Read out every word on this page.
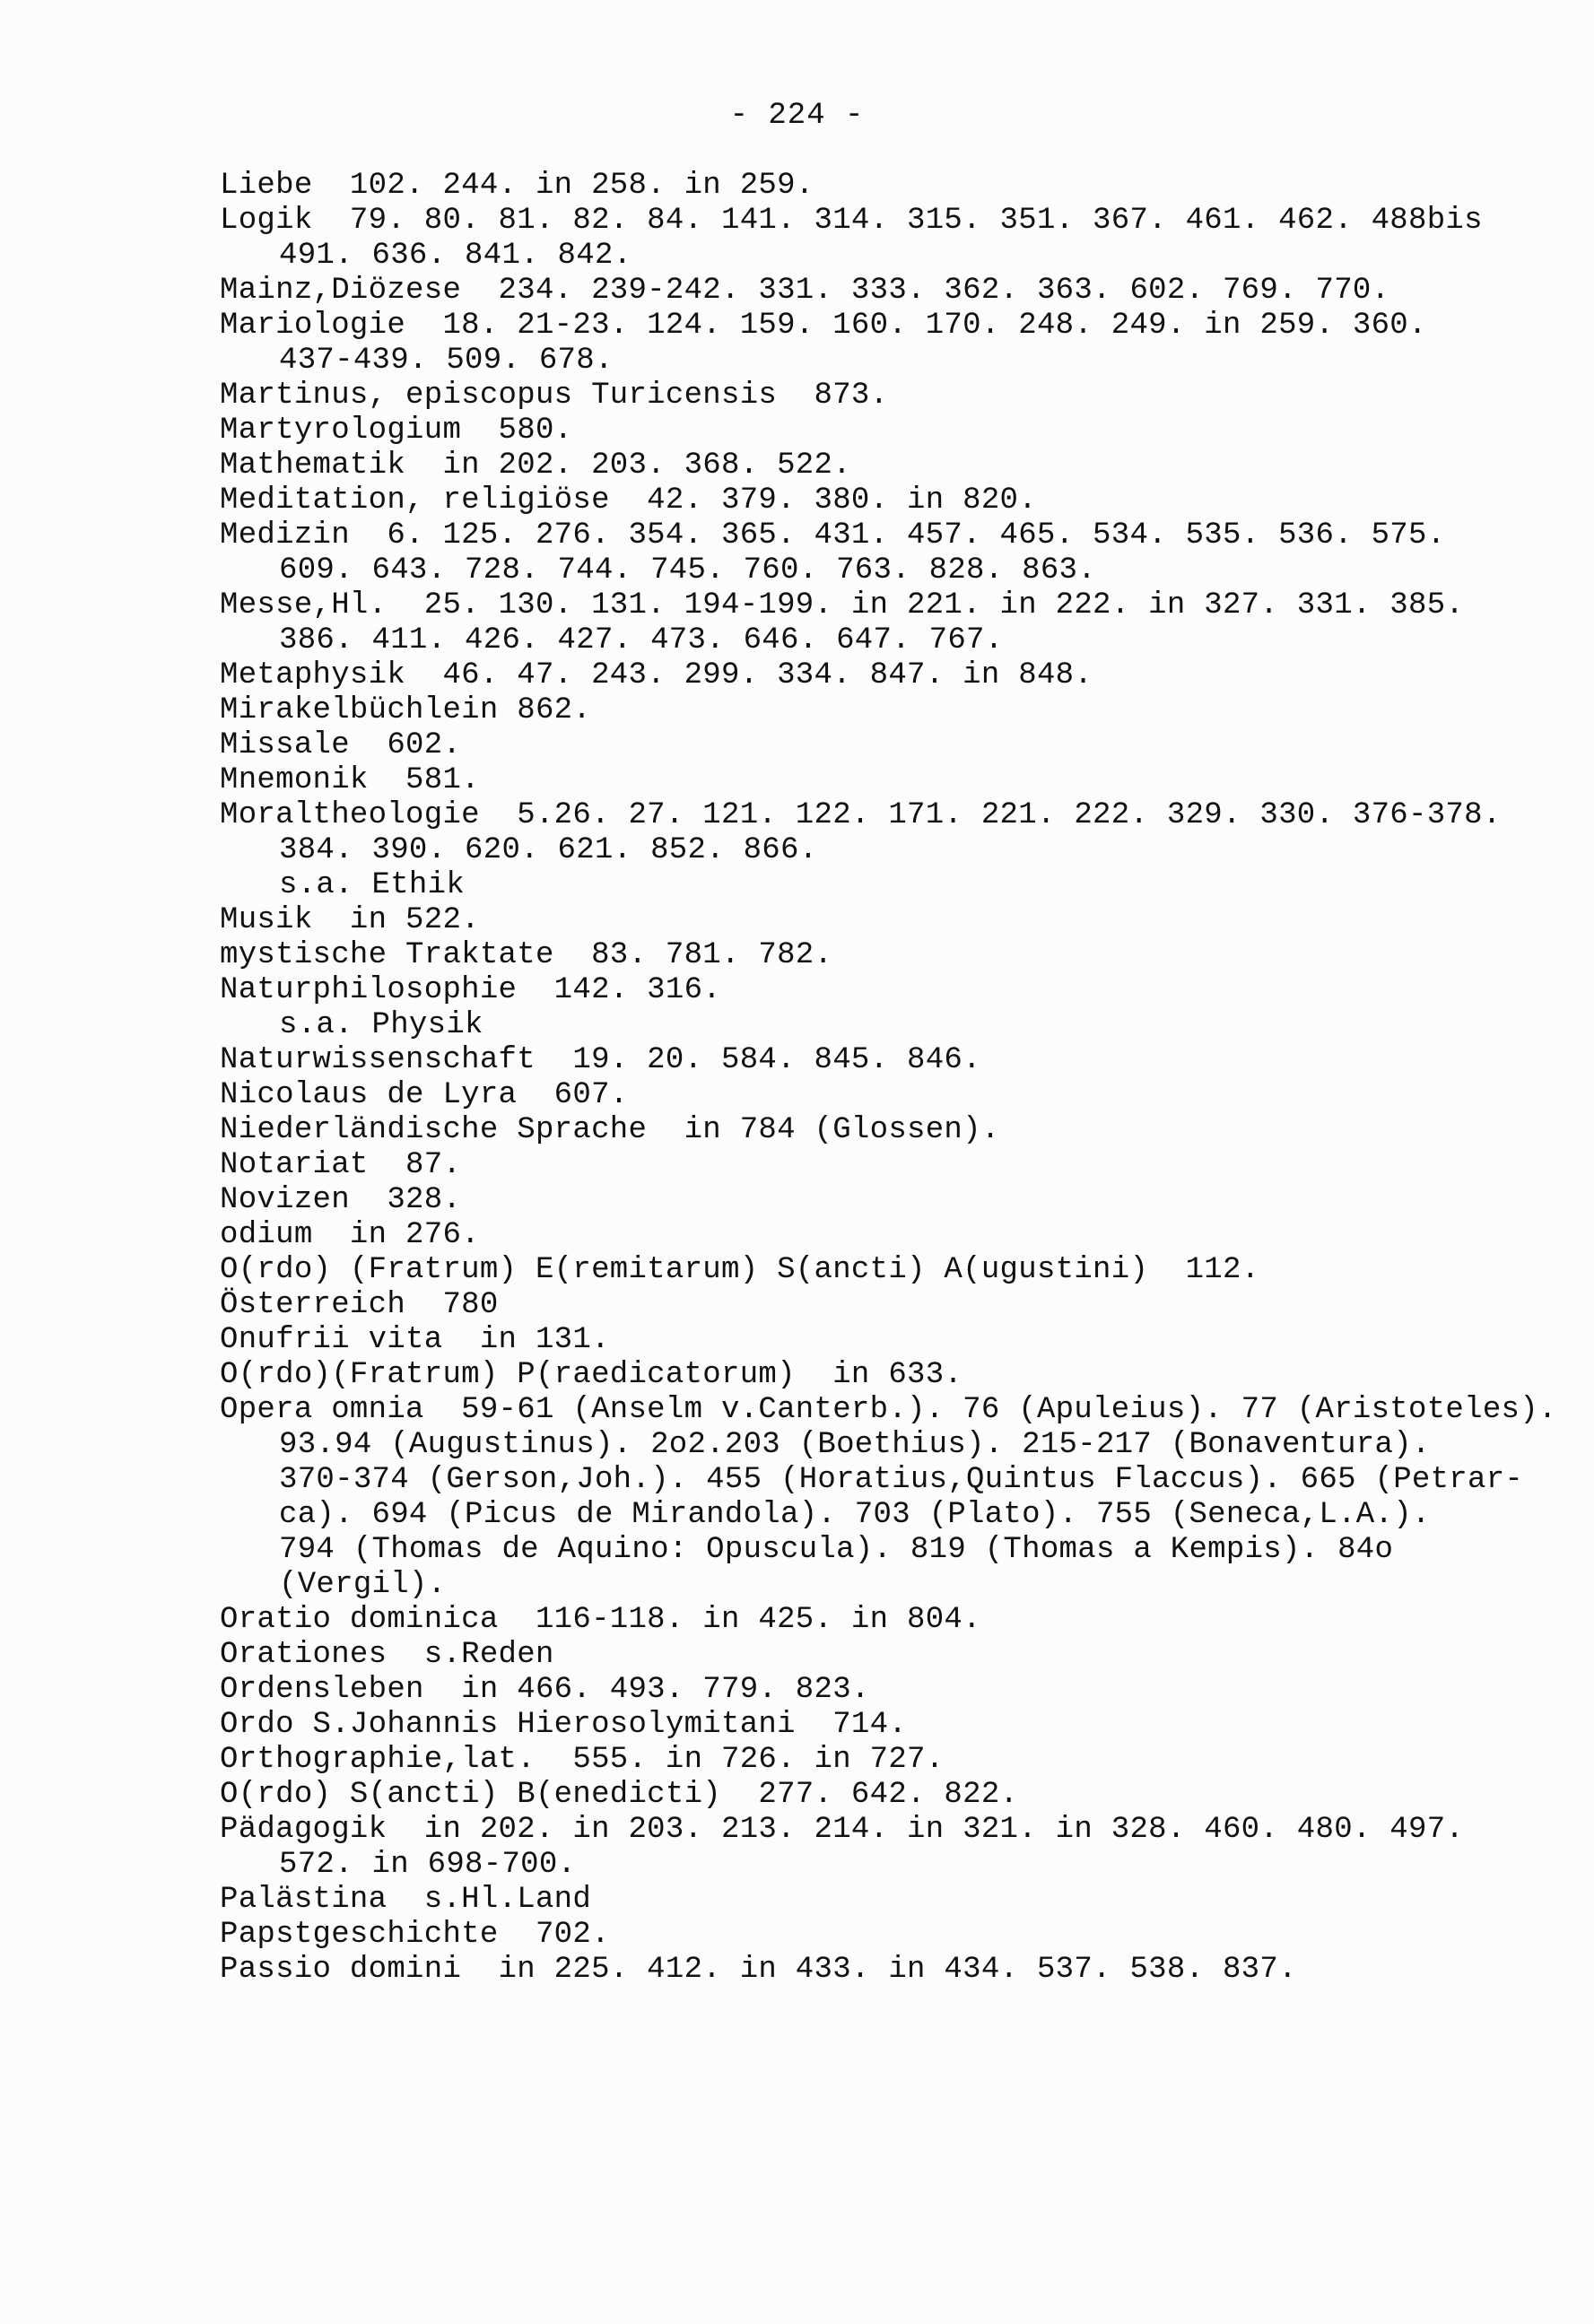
- 224 -
Liebe  102. 244. in 258. in 259.
Logik  79. 80. 81. 82. 84. 141. 314. 315. 351. 367. 461. 462. 488bis
491. 636. 841. 842.
Mainz,Diözese  234. 239-242. 331. 333. 362. 363. 602. 769. 770.
Mariologie  18. 21-23. 124. 159. 160. 170. 248. 249. in 259. 360.
437-439. 509. 678.
Martinus, episcopus Turicensis  873.
Martyrologium  580.
Mathematik  in 202. 203. 368. 522.
Meditation, religiöse  42. 379. 380. in 820.
Medizin  6. 125. 276. 354. 365. 431. 457. 465. 534. 535. 536. 575.
609. 643. 728. 744. 745. 760. 763. 828. 863.
Messe,Hl.  25. 130. 131. 194-199. in 221. in 222. in 327. 331. 385.
386. 411. 426. 427. 473. 646. 647. 767.
Metaphysik  46. 47. 243. 299. 334. 847. in 848.
Mirakelbüchlein 862.
Missale  602.
Mnemonik  581.
Moraltheologie  5.26. 27. 121. 122. 171. 221. 222. 329. 330. 376-378.
384. 390. 620. 621. 852. 866.
s.a. Ethik
Musik  in 522.
mystische Traktate  83. 781. 782.
Naturphilosophie  142. 316.
s.a. Physik
Naturwissenschaft  19. 20. 584. 845. 846.
Nicolaus de Lyra  607.
Niederländische Sprache  in 784 (Glossen).
Notariat  87.
Novizen  328.
odium  in 276.
O(rdo) (Fratrum) E(remitarum) S(ancti) A(ugustini)  112.
Österreich  780
Onufrii vita  in 131.
O(rdo)(Fratrum) P(raedicatorum)  in 633.
Opera omnia  59-61 (Anselm v.Canterb.). 76 (Apuleius). 77 (Aristoteles).
93.94 (Augustinus). 2o2.203 (Boethius). 215-217 (Bonaventura).
370-374 (Gerson,Joh.). 455 (Horatius,Quintus Flaccus). 665 (Petrar-
ca). 694 (Picus de Mirandola). 703 (Plato). 755 (Seneca,L.A.).
794 (Thomas de Aquino: Opuscula). 819 (Thomas a Kempis). 84o
(Vergil).
Oratio dominica  116-118. in 425. in 804.
Orationes  s.Reden
Ordensleben  in 466. 493. 779. 823.
Ordo S.Johannis Hierosolymitani  714.
Orthographie,lat.  555. in 726. in 727.
O(rdo) S(ancti) B(enedicti)  277. 642. 822.
Pädagogik  in 202. in 203. 213. 214. in 321. in 328. 460. 480. 497.
572. in 698-700.
Palästina  s.Hl.Land
Papstgeschichte  702.
Passio domini  in 225. 412. in 433. in 434. 537. 538. 837.
